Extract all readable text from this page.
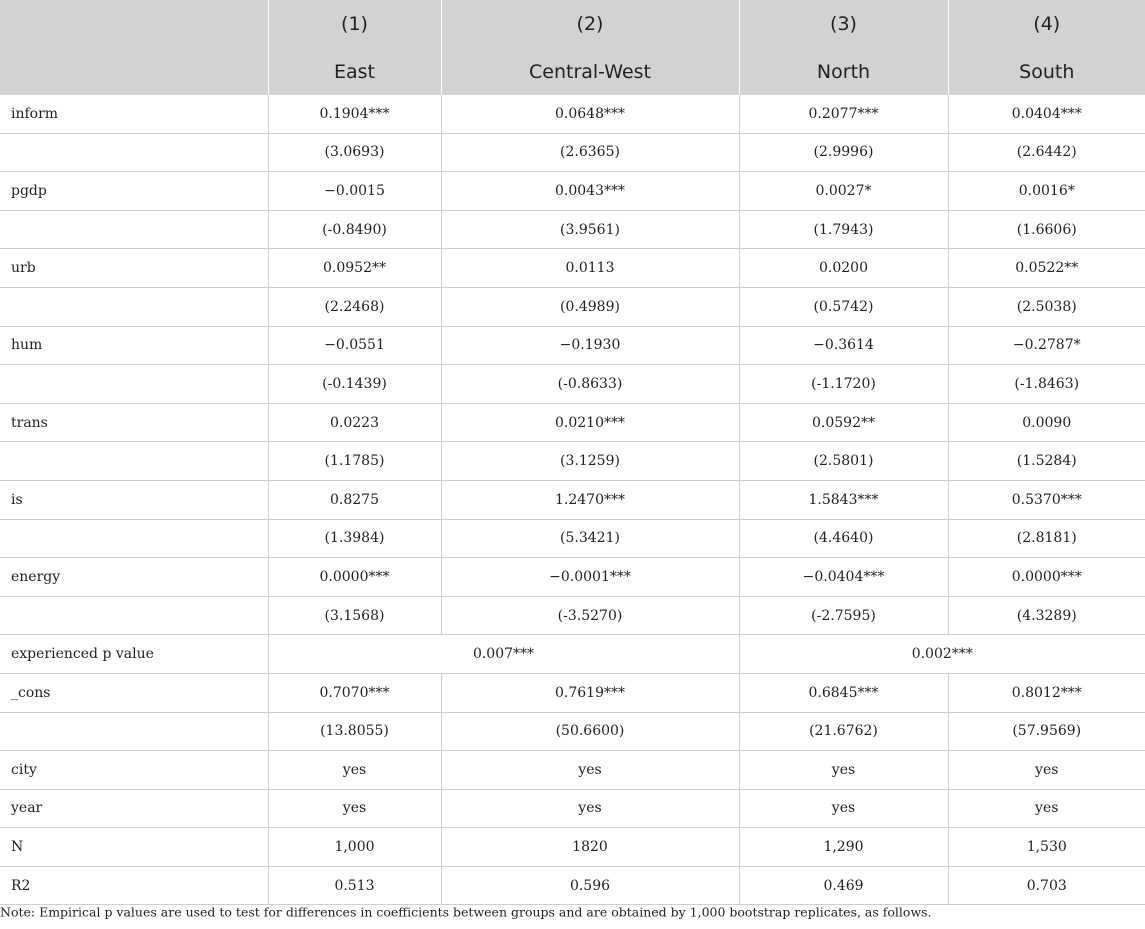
	(1)	(2)	(3)	(4)
	East	Central-West	North	South
inform	0.1904***	0.0648***	0.2077***	0.0404***
	(3.0693)	(2.6365)	(2.9996)	(2.6442)
pgdp	−0.0015	0.0043***	0.0027*	0.0016*
	(-0.8490)	(3.9561)	(1.7943)	(1.6606)
urb	0.0952**	0.0113	0.0200	0.0522**
	(2.2468)	(0.4989)	(0.5742)	(2.5038)
hum	−0.0551	−0.1930	−0.3614	−0.2787*
	(-0.1439)	(-0.8633)	(-1.1720)	(-1.8463)
trans	0.0223	0.0210***	0.0592**	0.0090
	(1.1785)	(3.1259)	(2.5801)	(1.5284)
is	0.8275	1.2470***	1.5843***	0.5370***
	(1.3984)	(5.3421)	(4.4640)	(2.8181)
energy	0.0000***	−0.0001***	−0.0404***	0.0000***
	(3.1568)	(-3.5270)	(-2.7595)	(4.3289)
experienced p value	0.007***		0.002***	
_cons	0.7070***	0.7619***	0.6845***	0.8012***
	(13.8055)	(50.6600)	(21.6762)	(57.9569)
city	yes	yes	yes	yes
year	yes	yes	yes	yes
N	1,000	1820	1,290	1,530
R2	0.513	0.596	0.469	0.703
Note: Empirical p values are used to test for differences in coefficients between groups and are obtained by 1,000 bootstrap replicates, as follows.
